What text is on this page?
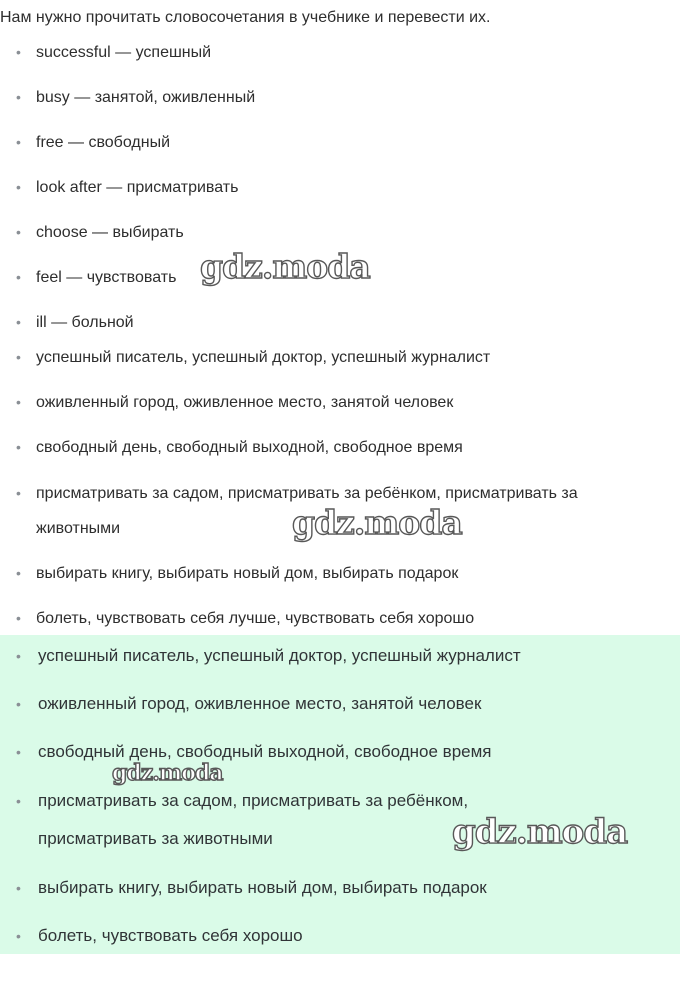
Нам нужно прочитать словосочетания в учебнике и перевести их.

• successful — успешный
• busy — занятой, оживленный
• free — свободный
• look after — присматривать
• choose — выбирать
• feel — чувствовать
• ill — больной
• успешный писатель, успешный доктор, успешный журналист
• оживленный город, оживленное место, занятой человек
• свободный день, свободный выходной, свободное время
• присматривать за садом, присматривать за ребёнком, присматривать за
животными
• выбирать книгу, выбирать новый дом, выбирать подарок
• болеть, чувствовать себя лучше, чувствовать себя хорошо
• успешный писатель, успешный доктор, успешный журналист
• оживленный город, оживленное место, занятой человек
• свободный день, свободный выходной, свободное время
• присматривать за садом, присматривать за ребёнком,
присматривать за животными
• выбирать книгу, выбирать новый дом, выбирать подарок
• болеть, чувствовать себя хорошо
gdz.moda
gdz.moda
gdz.moda
gdz.moda
